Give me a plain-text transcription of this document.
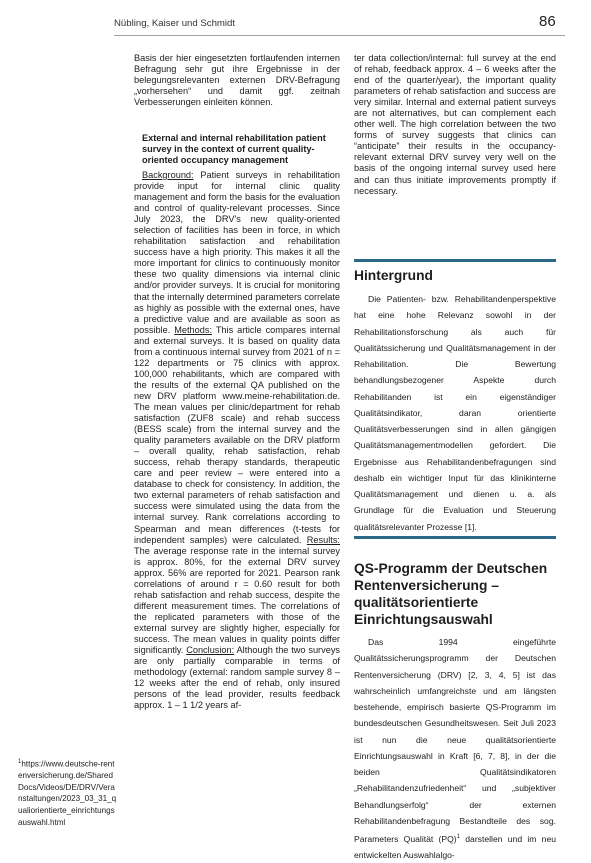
Nübling, Kaiser und Schmidt	86

Basis der hier eingesetzten fortlaufenden internen Befragung sehr gut ihre Ergebnisse in der belegungsrelevanten externen DRV-Befragung „vorhersehen“ und damit ggf. zeitnah Verbesserungen einleiten können.

External and internal rehabilitation patient survey in the context of current quality-oriented occupancy management

Background: Patient surveys in rehabilitation provide input for internal clinic quality management and form the basis for the evaluation and control of quality-relevant processes. Since July 2023, the DRV's new quality-oriented selection of facilities has been in force, in which rehabilitation satisfaction and rehabilitation success have a high priority. This makes it all the more important for clinics to continuously monitor these two quality dimensions via internal clinic and/or provider surveys. It is crucial for monitoring that the internally determined parameters correlate as highly as possible with the external ones, have a predictive value and are available as soon as possible. Methods: This article compares internal and external surveys. It is based on quality data from a continuous internal survey from 2021 of n = 122 departments or 75 clinics with approx. 100,000 rehabilitants, which are compared with the results of the external QA published on the new DRV platform www.meine-rehabilitation.de. The mean values per clinic/department for rehab satisfaction (ZUF8 scale) and rehab success (BESS scale) from the internal survey and the quality parameters available on the DRV platform – overall quality, rehab satisfaction, rehab success, rehab therapy standards, therapeutic care and peer review – were entered into a database to check for consistency. In addition, the two external parameters of rehab satisfaction and success were simulated using the data from the internal survey. Rank correlations according to Spearman and mean differences (t-tests for independent samples) were calculated. Results: The average response rate in the internal survey is approx. 80%, for the external DRV survey approx. 56% are reported for 2021. Pearson rank correlations of around r = 0.60 result for both rehab satisfaction and rehab success, despite the different measurement times. The correlations of the replicated parameters with those of the external survey are slightly higher, especially for success. The mean values in quality points differ significantly. Conclusion: Although the two surveys are only partially comparable in terms of methodology (external: random sample survey 8 – 12 weeks after the end of rehab, only insured persons of the lead provider, results feedback approx. 1 – 1 1/2 years af-

ter data collection/internal: full survey at the end of rehab, feedback approx. 4 – 6 weeks after the end of the quarter/year), the important quality parameters of rehab satisfaction and success are very similar. Internal and external patient surveys are not alternatives, but can complement each other well. The high correlation between the two forms of survey suggests that clinics can “anticipate” their results in the occupancy-relevant external DRV survey very well on the basis of the ongoing internal survey used here and can thus initiate improvements promptly if necessary.

Hintergrund

Die Patienten- bzw. Rehabilitandenperspektive hat eine hohe Relevanz sowohl in der Rehabilitationsforschung als auch für Qualitätssicherung und Qualitätsmanagement in der Rehabilitation. Die Bewertung behandlungsbezogener Aspekte durch Rehabilitanden ist ein eigenständiger Qualitätsindikator, daran orientierte Qualitätsverbesserungen sind in allen gängigen Qualitätsmanagementmodellen gefordert. Die Ergebnisse aus Rehabilitandenbefragungen sind deshalb ein wichtiger Input für das klinikinterne Qualitätsmanagement und dienen u. a. als Grundlage für die Evaluation und Steuerung qualitätsrelevanter Prozesse [1].

QS-Programm der Deutschen Rentenversicherung – qualitätsorientierte Einrichtungsauswahl

Das 1994 eingeführte Qualitätssicherungsprogramm der Deutschen Rentenversicherung (DRV) [2, 3, 4, 5] ist das wahrscheinlich umfangreichste und am längsten bestehende, empirisch basierte QS-Programm im bundesdeutschen Gesundheitswesen. Seit Juli 2023 ist nun die neue qualitätsorientierte Einrichtungsauswahl in Kraft [6, 7, 8], in der die beiden Qualitätsindikatoren „Rehabilitandenzufriedenheit“ und „subjektiver Behandlungserfolg“ der externen Rehabilitandenbefragung Bestandteile des sog. Parameters Qualität (PQ)$^1$ darstellen und im neu entwickelten Auswahlalgo-

$^1$https://www.deutsche-rentenversicherung.de/SharedDocs/Videos/DE/DRV/Veranstaltungen/2023_03_31_qualiorientierte_einrichtungsauswahl.html
